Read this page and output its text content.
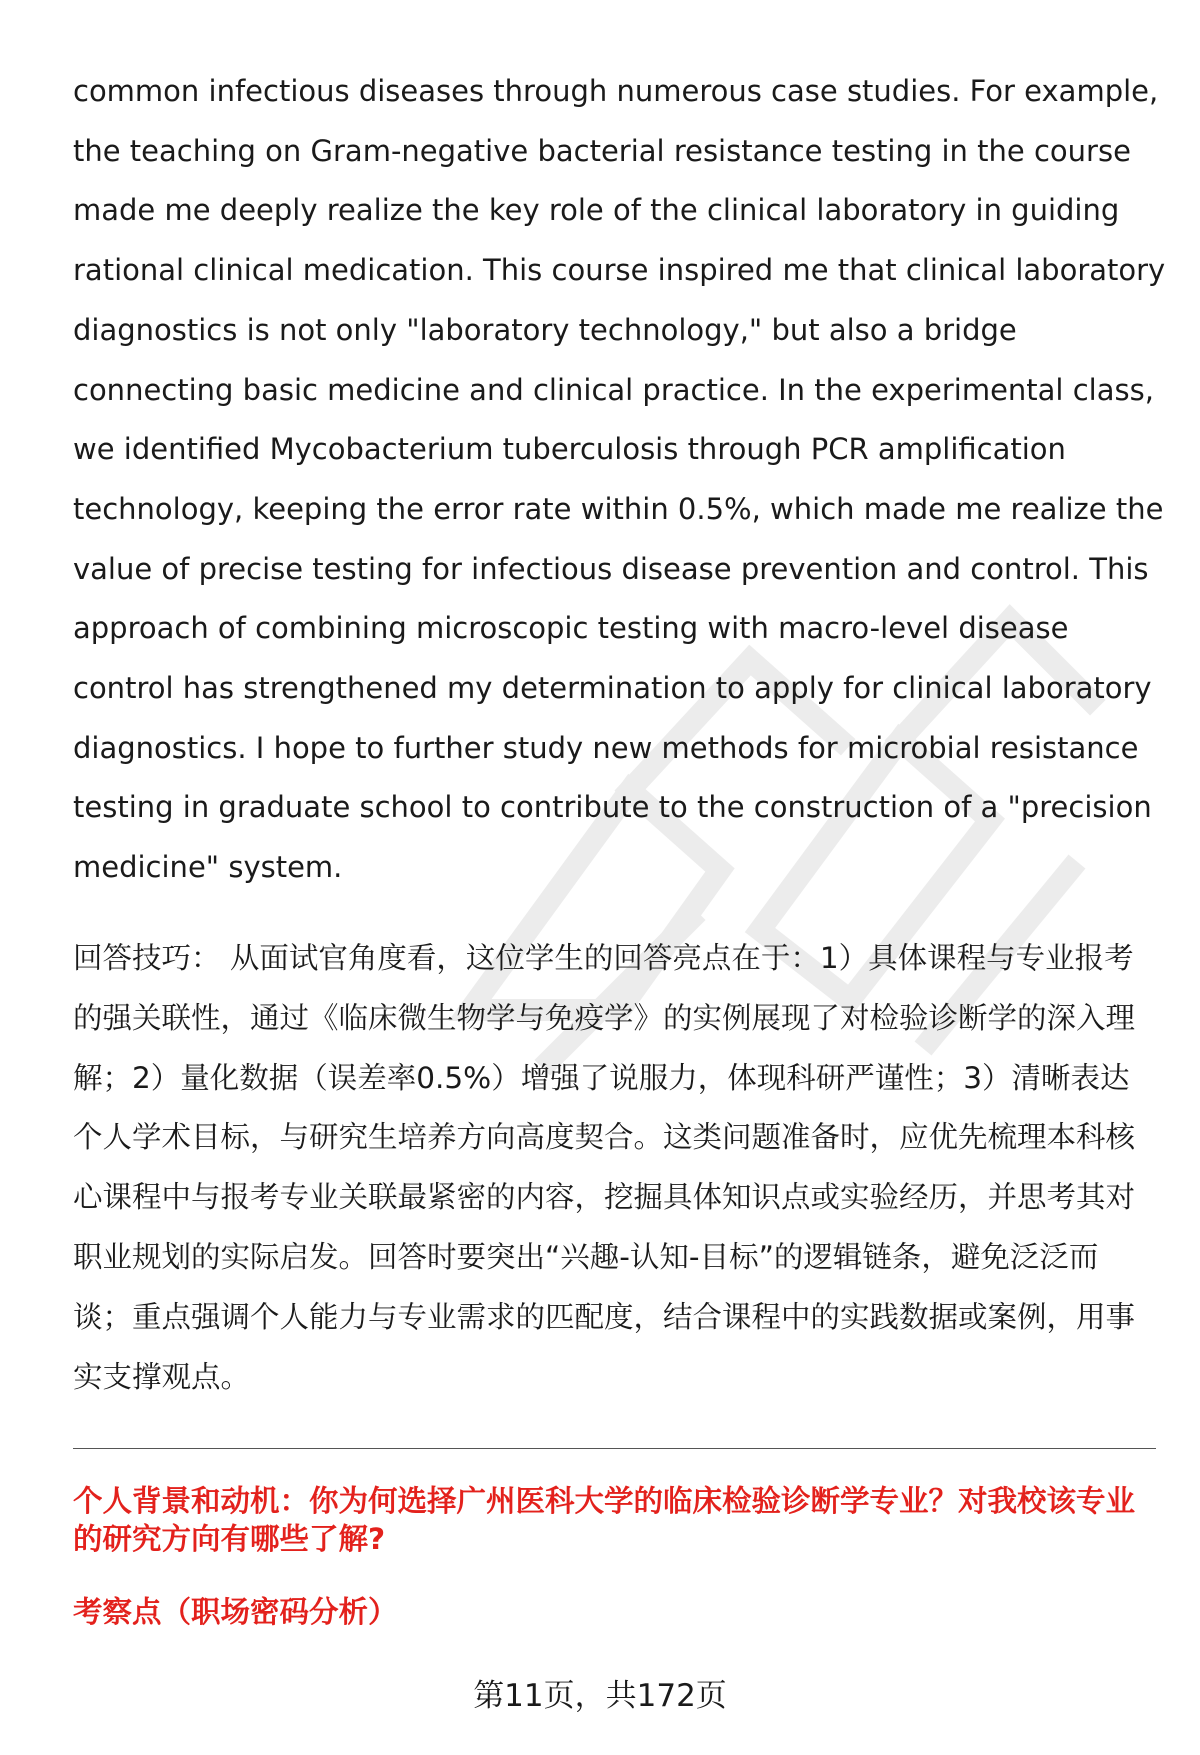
common infectious diseases through numerous case studies. For example,
the teaching on Gram-negative bacterial resistance testing in the course
made me deeply realize the key role of the clinical laboratory in guiding
rational clinical medication. This course inspired me that clinical laboratory
diagnostics is not only "laboratory technology," but also a bridge
connecting basic medicine and clinical practice. In the experimental class,
we identified Mycobacterium tuberculosis through PCR amplification
technology, keeping the error rate within 0.5%, which made me realize the
value of precise testing for infectious disease prevention and control. This
approach of combining microscopic testing with macro-level disease
control has strengthened my determination to apply for clinical laboratory
diagnostics. I hope to further study new methods for microbial resistance
testing in graduate school to contribute to the construction of a "precision
medicine" system.
回答技巧： 从面试官角度看，这位学生的回答亮点在于：1）具体课程与专业报考
的强关联性，通过《临床微生物学与免疫学》的实例展现了对检验诊断学的深入理
解；2）量化数据（误差率0.5%）增强了说服力，体现科研严谨性；3）清晰表达
个人学术目标，与研究生培养方向高度契合。这类问题准备时，应优先梳理本科核
心课程中与报考专业关联最紧密的内容，挖掘具体知识点或实验经历，并思考其对
职业规划的实际启发。回答时要突出“兴趣-认知-目标”的逻辑链条，避免泛泛而
谈；重点强调个人能力与专业需求的匹配度，结合课程中的实践数据或案例，用事
实支撑观点。
个人背景和动机：你为何选择广州医科大学的临床检验诊断学专业？对我校该专业
的研究方向有哪些了解?
考察点（职场密码分析）
第11页，共172页
